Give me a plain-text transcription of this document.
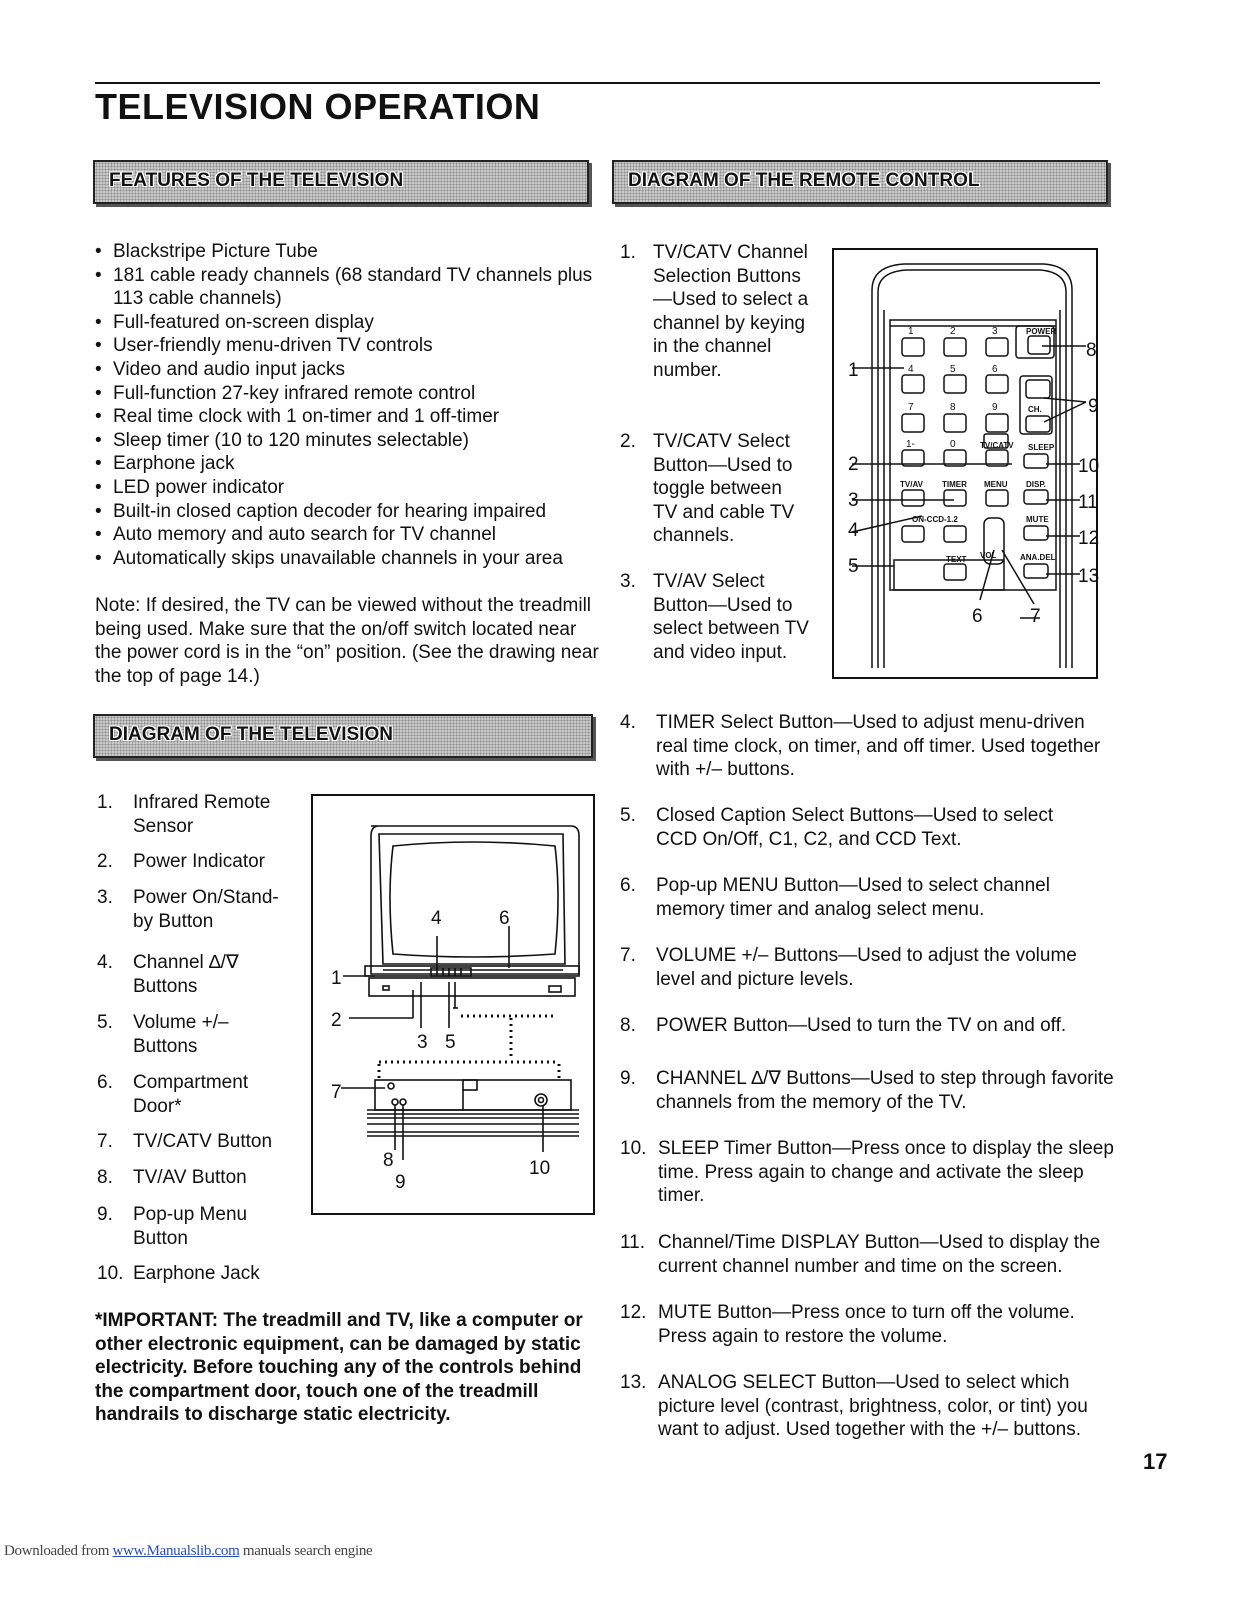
TELEVISION OPERATION
FEATURES OF THE TELEVISION	DIAGRAM OF THE REMOTE CONTROL
DIAGRAM OF THE TELEVISION
• Blackstripe Picture Tube
• 181 cable ready channels (68 standard TV channels plus 113 cable channels)
• Full-featured on-screen display
• User-friendly menu-driven TV controls
• Video and audio input jacks
• Full-function 27-key infrared remote control
• Real time clock with 1 on-timer and 1 off-timer
• Sleep timer (10 to 120 minutes selectable)
• Earphone jack
• LED power indicator
• Built-in closed caption decoder for hearing impaired
• Auto memory and auto search for TV channel
• Automatically skips unavailable channels in your area
Note: If desired, the TV can be viewed without the treadmill being used. Make sure that the on/off switch located near the power cord is in the “on” position. (See the drawing near the top of page 14.)
1. Infrared Remote Sensor
2. Power Indicator
3. Power On/Stand-by Button
4. Channel ∆/∇ Buttons
5. Volume +/– Buttons
6. Compartment Door*
7. TV/CATV Button
8. TV/AV Button
9. Pop-up Menu Button
10. Earphone Jack
4	6
1
2
3 5
7
8
9
10
*IMPORTANT: The treadmill and TV, like a computer or other electronic equipment, can be damaged by static electricity. Before touching any of the controls behind the compartment door, touch one of the treadmill handrails to discharge static electricity.
1. TV/CATV Channel Selection Buttons—Used to select a channel by keying in the channel number.
2. TV/CATV Select Button—Used to toggle between TV and cable TV channels.
3. TV/AV Select Button—Used to select between TV and video input.
POWER
CH.
TV/CATV SLEEP
TV/AV TIMER MENU DISP.
ON-CCD-1.2	MUTE
TEXT VOL	ANA.DEL
1	2	3
4	5	6
7	8	9
1-	0
1
2
3
4
5
6 7
8
9
10
11
12
13
4. TIMER Select Button—Used to adjust menu-driven real time clock, on timer, and off timer. Used together with +/– buttons.
5. Closed Caption Select Buttons—Used to select CCD On/Off, C1, C2, and CCD Text.
6. Pop-up MENU Button—Used to select channel memory timer and analog select menu.
7. VOLUME +/– Buttons—Used to adjust the volume level and picture levels.
8. POWER Button—Used to turn the TV on and off.
9. CHANNEL ∆/∇ Buttons—Used to step through favorite channels from the memory of the TV.
10. SLEEP Timer Button—Press once to display the sleep time. Press again to change and activate the sleep timer.
11. Channel/Time DISPLAY Button—Used to display the current channel number and time on the screen.
12. MUTE Button—Press once to turn off the volume. Press again to restore the volume.
13. ANALOG SELECT Button—Used to select which picture level (contrast, brightness, color, or tint) you want to adjust. Used together with the +/– buttons.
17
Downloaded from www.Manualslib.com manuals search engine
